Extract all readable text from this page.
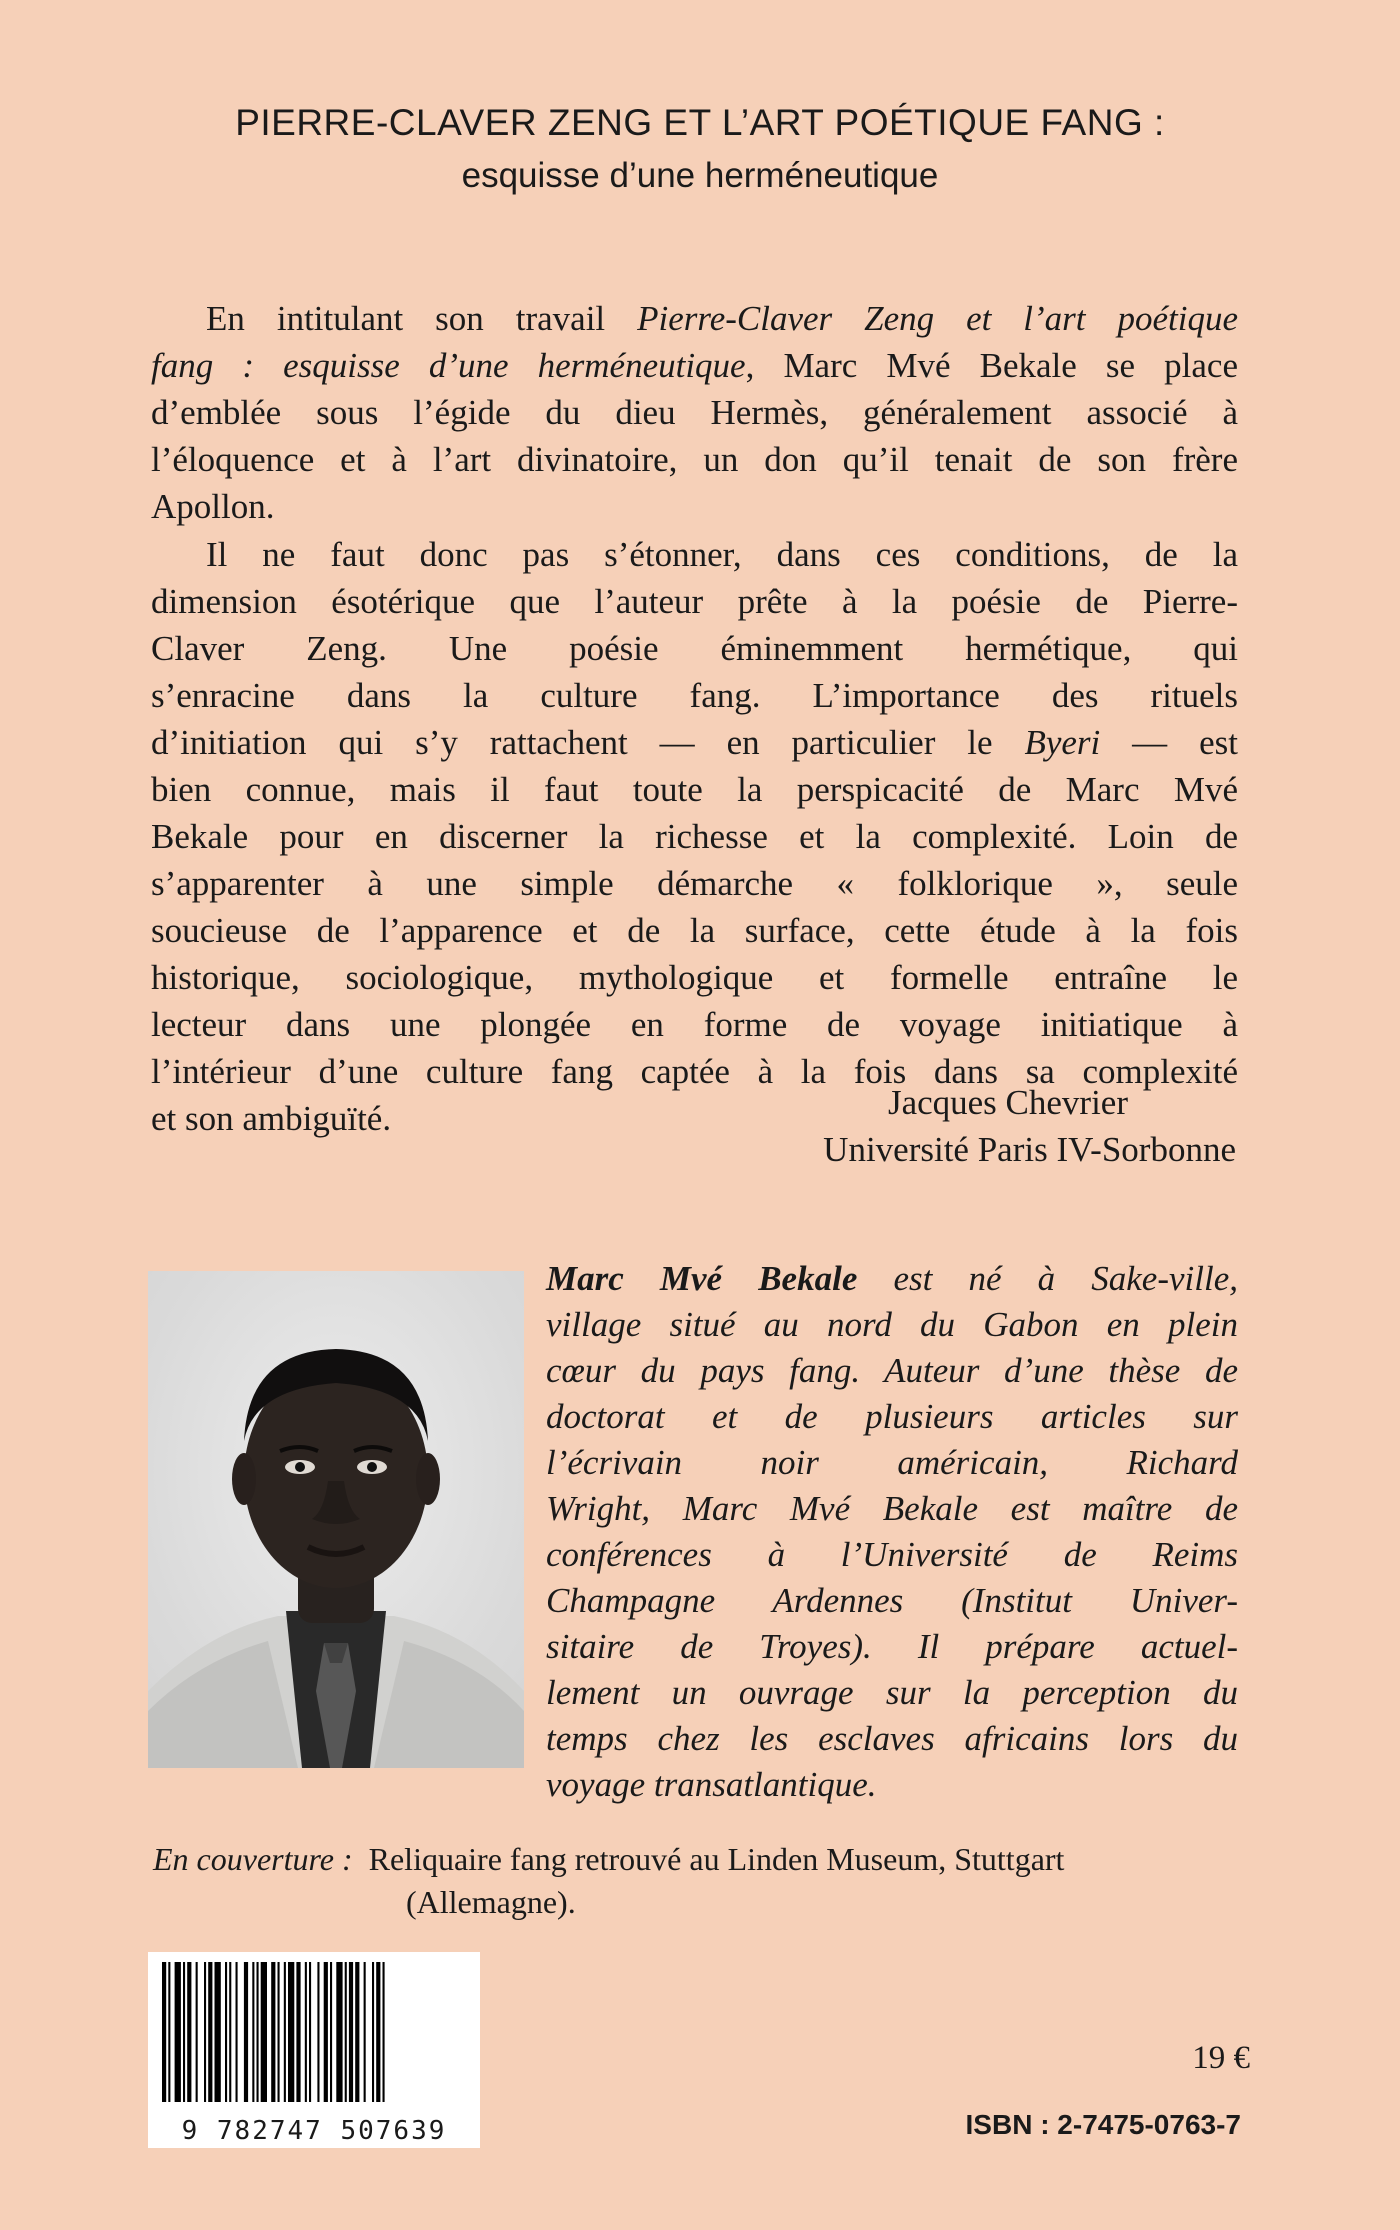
PIERRE-CLAVER ZENG ET L’ART POÉTIQUE FANG :
esquisse d’une herméneutique
En intitulant son travail Pierre-Claver Zeng et l’art poétique
fang : esquisse d’une herméneutique, Marc Mvé Bekale se place
d’emblée sous l’égide du dieu Hermès, généralement associé à
l’éloquence et à l’art divinatoire, un don qu’il tenait de son frère
Apollon.
Il ne faut donc pas s’étonner, dans ces conditions, de la
dimension ésotérique que l’auteur prête à la poésie de Pierre-
Claver Zeng. Une poésie éminemment hermétique, qui
s’enracine dans la culture fang. L’importance des rituels
d’initiation qui s’y rattachent — en particulier le Byeri — est
bien connue, mais il faut toute la perspicacité de Marc Mvé
Bekale pour en discerner la richesse et la complexité. Loin de
s’apparenter à une simple démarche « folklorique », seule
soucieuse de l’apparence et de la surface, cette étude à la fois
historique, sociologique, mythologique et formelle entraîne le
lecteur dans une plongée en forme de voyage initiatique à
l’intérieur d’une culture fang captée à la fois dans sa complexité
et son ambiguïté.	Jacques Chevrier
Université Paris IV-Sorbonne
Marc Mvé Bekale est né à Sake-ville,
village situé au nord du Gabon en plein
cœur du pays fang. Auteur d’une thèse de
doctorat et de plusieurs articles sur
l’écrivain noir américain, Richard
Wright, Marc Mvé Bekale est maître de
conférences à l’Université de Reims
Champagne Ardennes (Institut Univer-
sitaire de Troyes). Il prépare actuel-
lement un ouvrage sur la perception du
temps chez les esclaves africains lors du
voyage transatlantique.
En couverture : Reliquaire fang retrouvé au Linden Museum, Stuttgart
(Allemagne).
9 782747 507639
19 €
ISBN : 2-7475-0763-7
